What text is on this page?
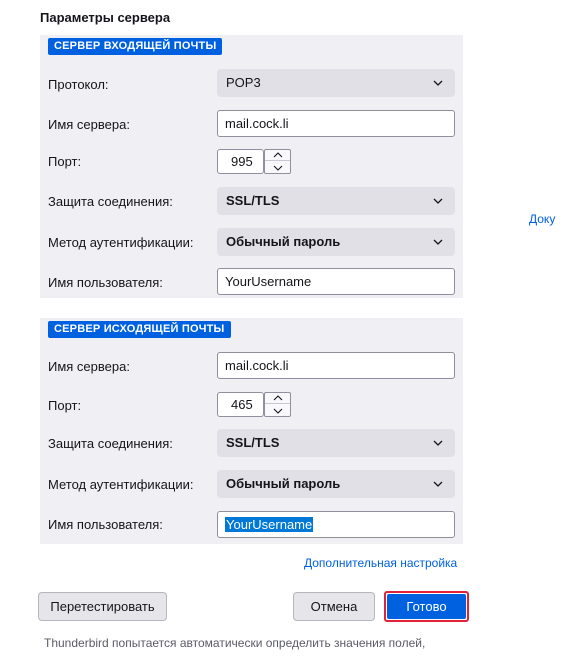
Параметры сервера
СЕРВЕР ВХОДЯЩЕЙ ПОЧТЫ
Протокол:	POP3
Имя сервера:	mail.cock.li
Порт:	995
Защита соединения:	SSL/TLS
Метод аутентификации:	Обычный пароль
Имя пользователя:	YourUsername
СЕРВЕР ИСХОДЯЩЕЙ ПОЧТЫ
Имя сервера:	mail.cock.li
Порт:	465
Защита соединения:	SSL/TLS
Метод аутентификации:	Обычный пароль
Имя пользователя:	YourUsername
Доку
Дополнительная настройка
Перетестировать	Отмена	Готово
Thunderbird попытается автоматически определить значения полей,
